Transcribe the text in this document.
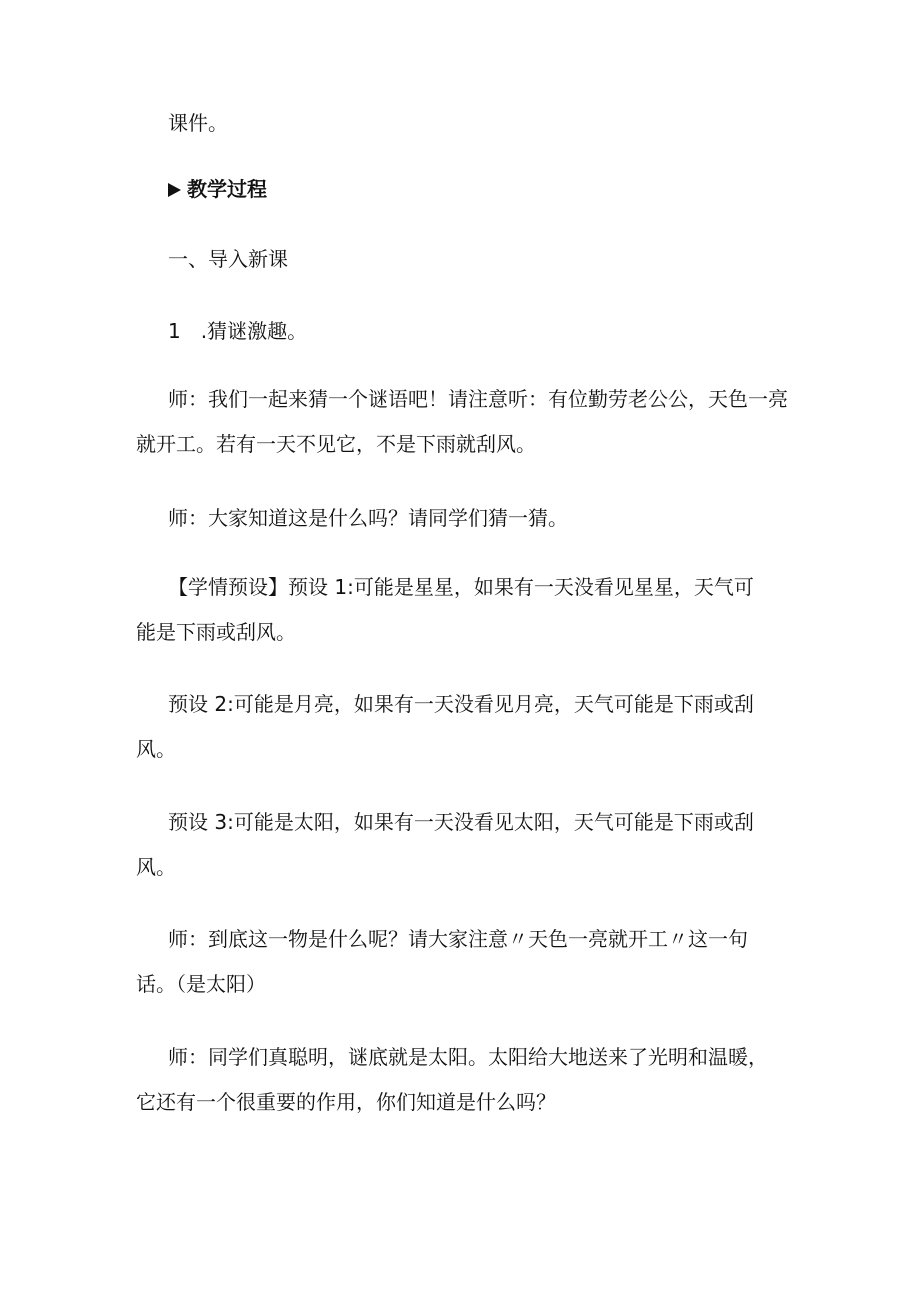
课件。

教学过程

一、导入新课

1　.猜谜激趣。

师：我们一起来猜一个谜语吧！请注意听：有位勤劳老公公，天色一亮
就开工。若有一天不见它，不是下雨就刮风。

师：大家知道这是什么吗？请同学们猜一猜。

【学情预设】预设 1:可能是星星，如果有一天没看见星星，天气可
能是下雨或刮风。

预设 2:可能是月亮，如果有一天没看见月亮，天气可能是下雨或刮
风。

预设 3:可能是太阳，如果有一天没看见太阳，天气可能是下雨或刮
风。

师：到底这一物是什么呢？请大家注意〃天色一亮就开工〃这一句
话。（是太阳）

师：同学们真聪明，谜底就是太阳。太阳给大地送来了光明和温暖，
它还有一个很重要的作用，你们知道是什么吗？
